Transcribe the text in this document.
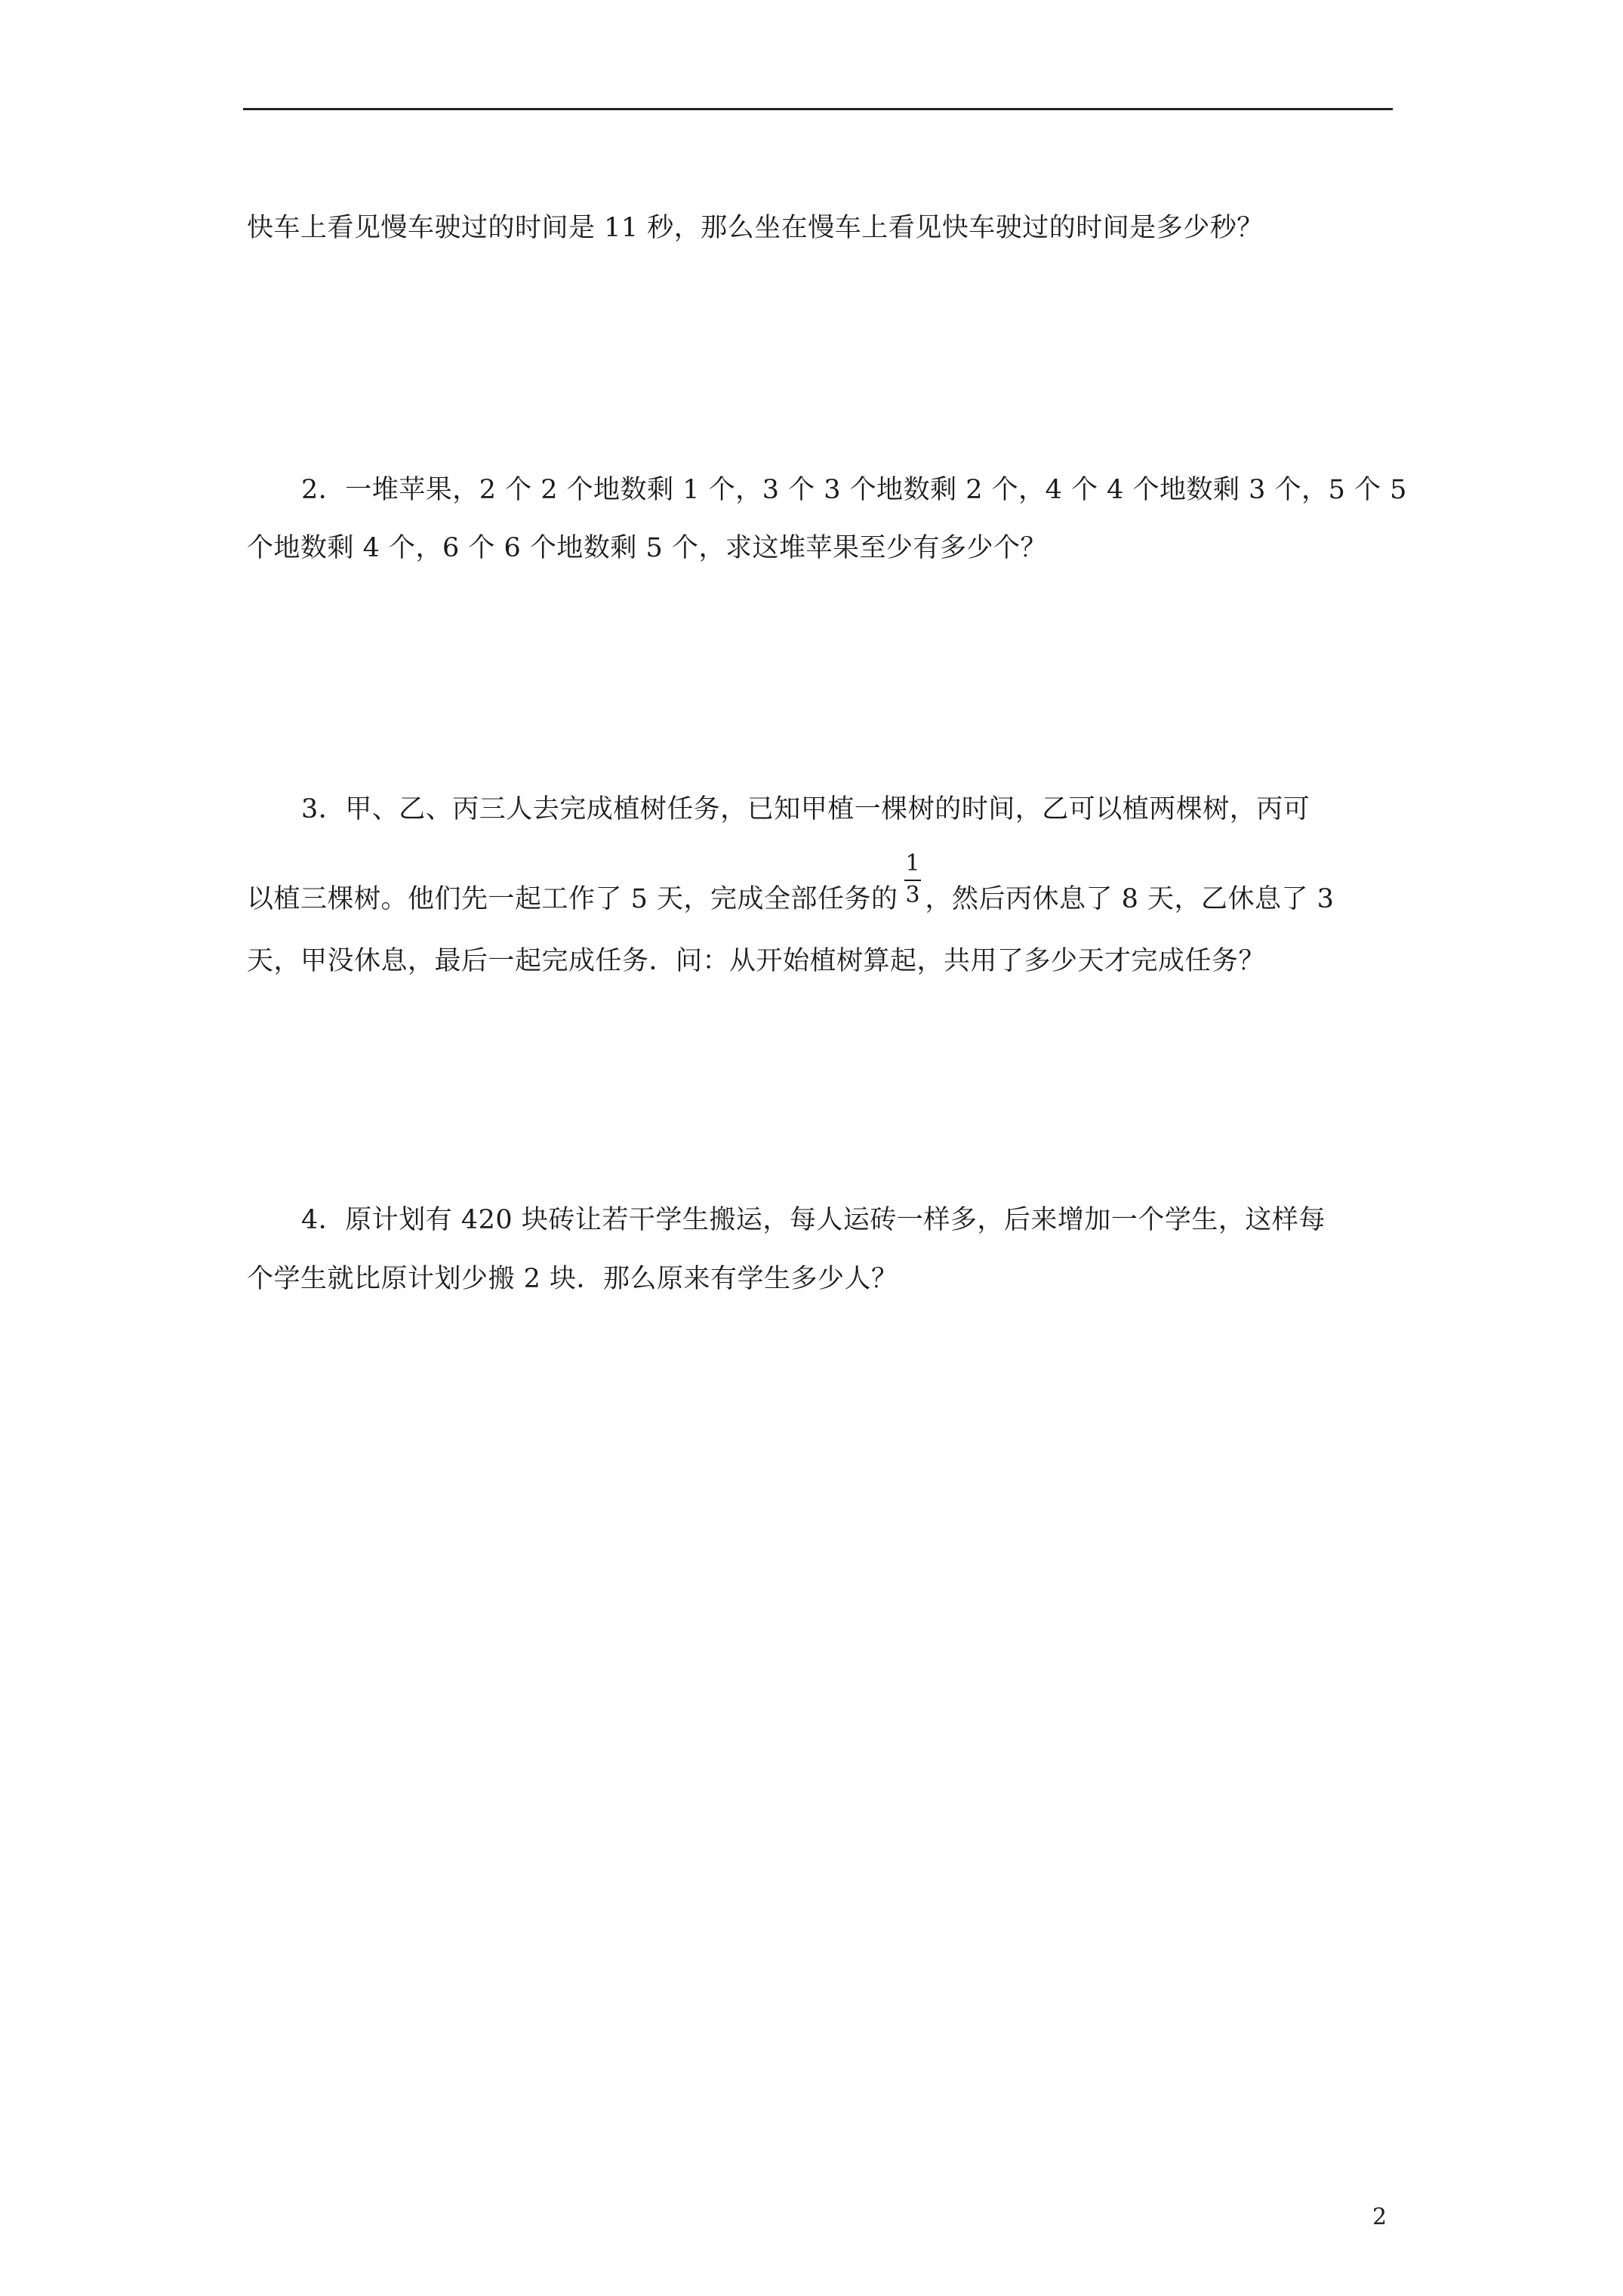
快车上看见慢车驶过的时间是 11 秒，那么坐在慢车上看见快车驶过的时间是多少秒？
2．一堆苹果，2 个 2 个地数剩 1 个，3 个 3 个地数剩 2 个，4 个 4 个地数剩 3 个，5 个 5
个地数剩 4 个，6 个 6 个地数剩 5 个，求这堆苹果至少有多少个？
3．甲、乙、丙三人去完成植树任务，已知甲植一棵树的时间，乙可以植两棵树，丙可
以植三棵树。他们先一起工作了 5 天，完成全部任务的 $\frac{1}{3}$ ，然后丙休息了 8 天，乙休息了 3
天，甲没休息，最后一起完成任务．问：从开始植树算起，共用了多少天才完成任务？
4．原计划有 420 块砖让若干学生搬运，每人运砖一样多，后来增加一个学生，这样每
个学生就比原计划少搬 2 块．那么原来有学生多少人？
2
